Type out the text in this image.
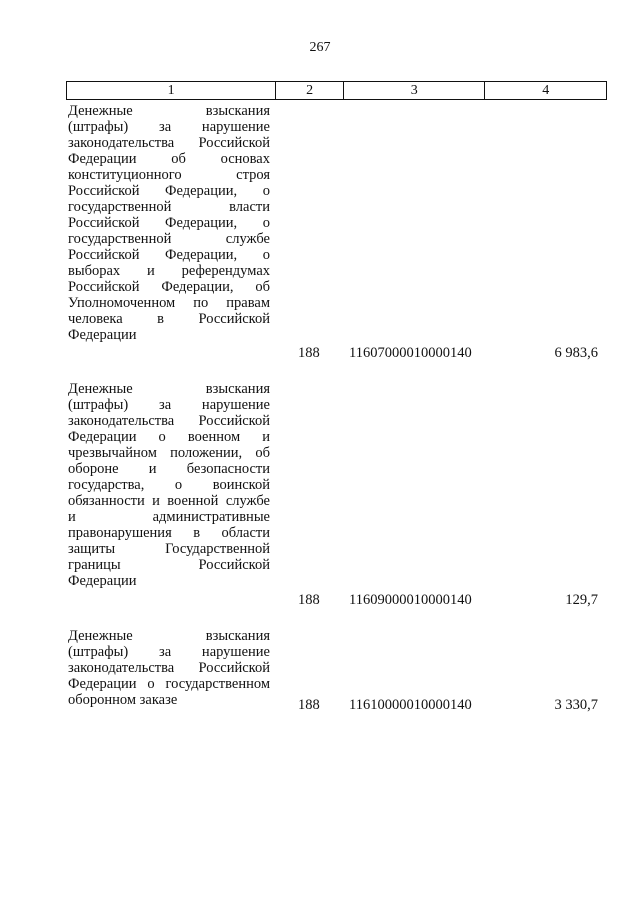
267
1	2	3	4
Денежные взыскания
(штрафы) за нарушение
законодательства Российской
Федерации об основах
конституционного строя
Российской Федерации, о
государственной власти
Российской Федерации, о
государственной службе
Российской Федерации, о
выборах и референдумах
Российской Федерации, об
Уполномоченном по правам
человека в Российской
Федерации
188	11607000010000140	6 983,6
Денежные взыскания
(штрафы) за нарушение
законодательства Российской
Федерации о военном и
чрезвычайном положении, об
обороне и безопасности
государства, о воинской
обязанности и военной службе
и административные
правонарушения в области
защиты Государственной
границы Российской
Федерации
188	11609000010000140	129,7
Денежные взыскания
(штрафы) за нарушение
законодательства Российской
Федерации о государственном
оборонном заказе	188	11610000010000140	3 330,7
